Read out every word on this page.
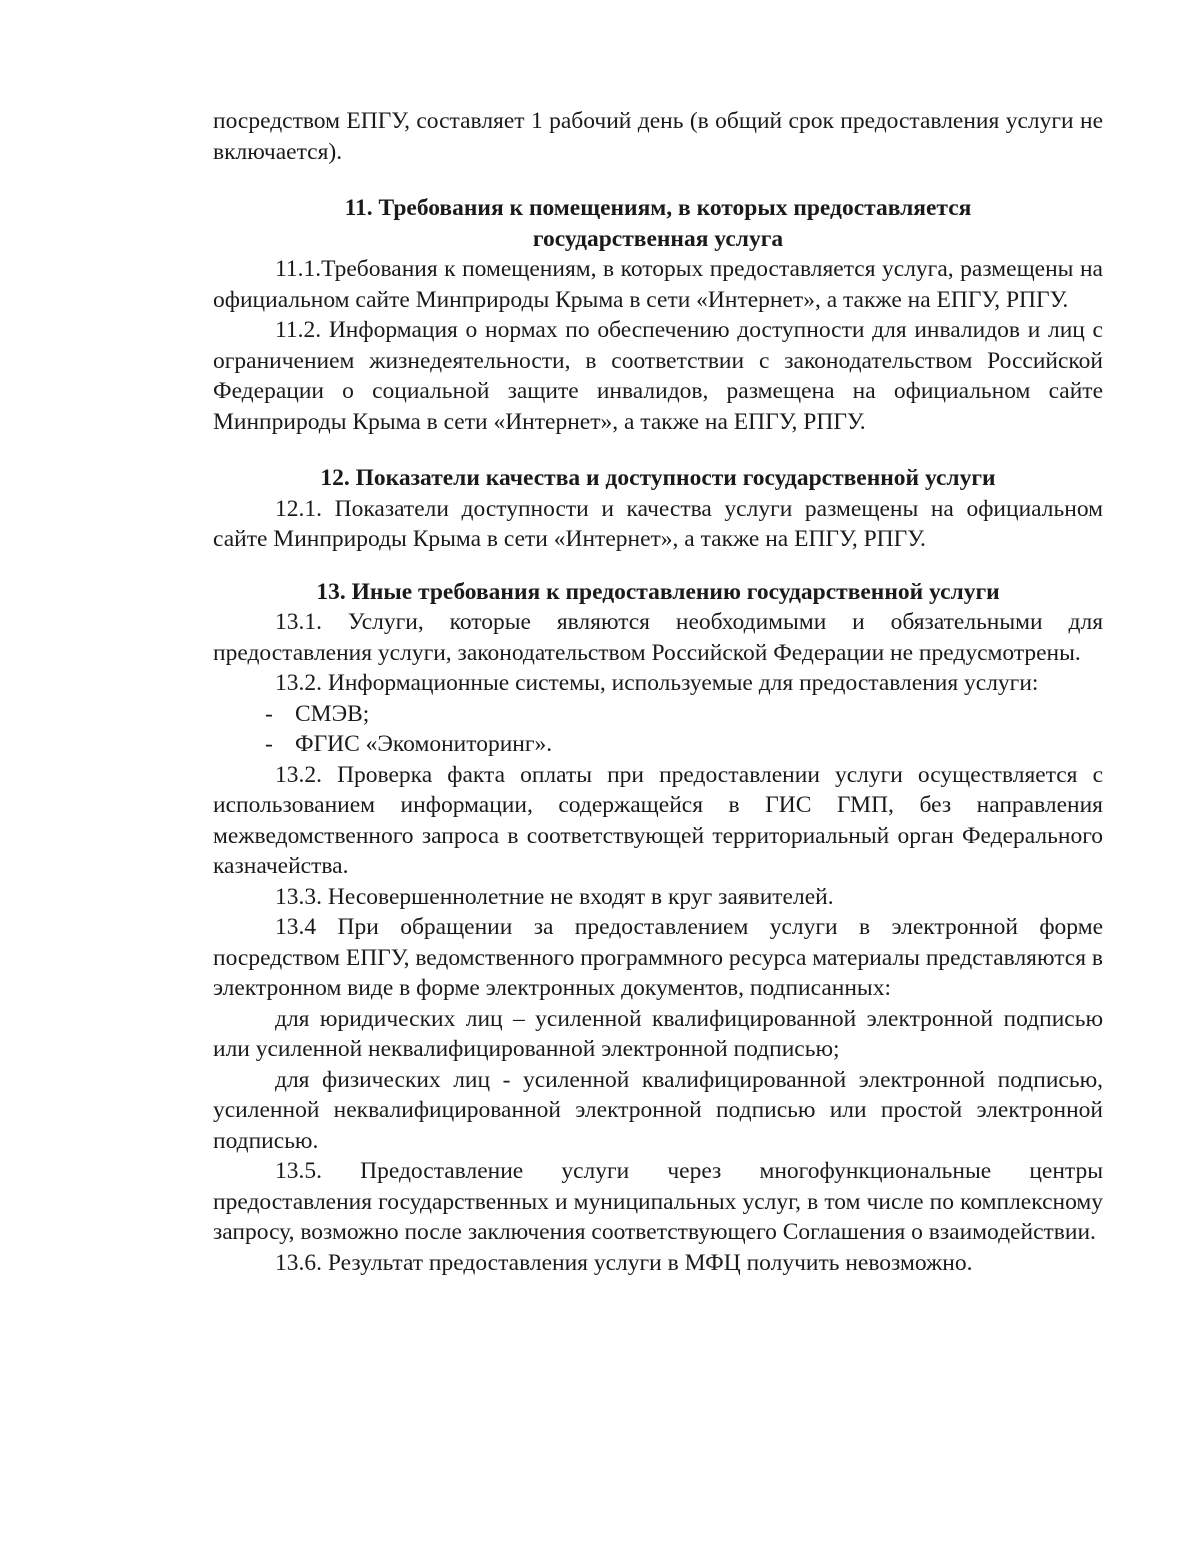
посредством ЕПГУ, составляет 1 рабочий день (в общий срок предоставления услуги не включается).

11. Требования к помещениям, в которых предоставляется
государственная услуга

11.1.Требования к помещениям, в которых предоставляется услуга, размещены на официальном сайте Минприроды Крыма в сети «Интернет», а также на ЕПГУ, РПГУ.

11.2. Информация о нормах по обеспечению доступности для инвалидов и лиц с ограничением жизнедеятельности, в соответствии с законодательством Российской Федерации о социальной защите инвалидов, размещена на официальном сайте Минприроды Крыма в сети «Интернет», а также на ЕПГУ, РПГУ.

12. Показатели качества и доступности государственной услуги

12.1. Показатели доступности и качества услуги размещены на официальном сайте Минприроды Крыма в сети «Интернет», а также на ЕПГУ, РПГУ.

13. Иные требования к предоставлению государственной услуги

13.1. Услуги, которые являются необходимыми и обязательными для предоставления услуги, законодательством Российской Федерации не предусмотрены.

13.2. Информационные системы, используемые для предоставления услуги:

- СМЭВ;
- ФГИС «Экомониторинг».

13.2. Проверка факта оплаты при предоставлении услуги осуществляется с использованием информации, содержащейся в ГИС ГМП, без направления межведомственного запроса в соответствующей территориальный орган Федерального казначейства.

13.3. Несовершеннолетние не входят в круг заявителей.

13.4 При обращении за предоставлением услуги в электронной форме посредством ЕПГУ, ведомственного программного ресурса материалы представляются в электронном виде в форме электронных документов, подписанных:

для юридических лиц – усиленной квалифицированной электронной подписью или усиленной неквалифицированной электронной подписью;

для физических лиц - усиленной квалифицированной электронной подписью, усиленной неквалифицированной электронной подписью или простой электронной подписью.

13.5. Предоставление услуги через многофункциональные центры предоставления государственных и муниципальных услуг, в том числе по комплексному запросу, возможно после заключения соответствующего Соглашения о взаимодействии.

13.6. Результат предоставления услуги в МФЦ получить невозможно.
